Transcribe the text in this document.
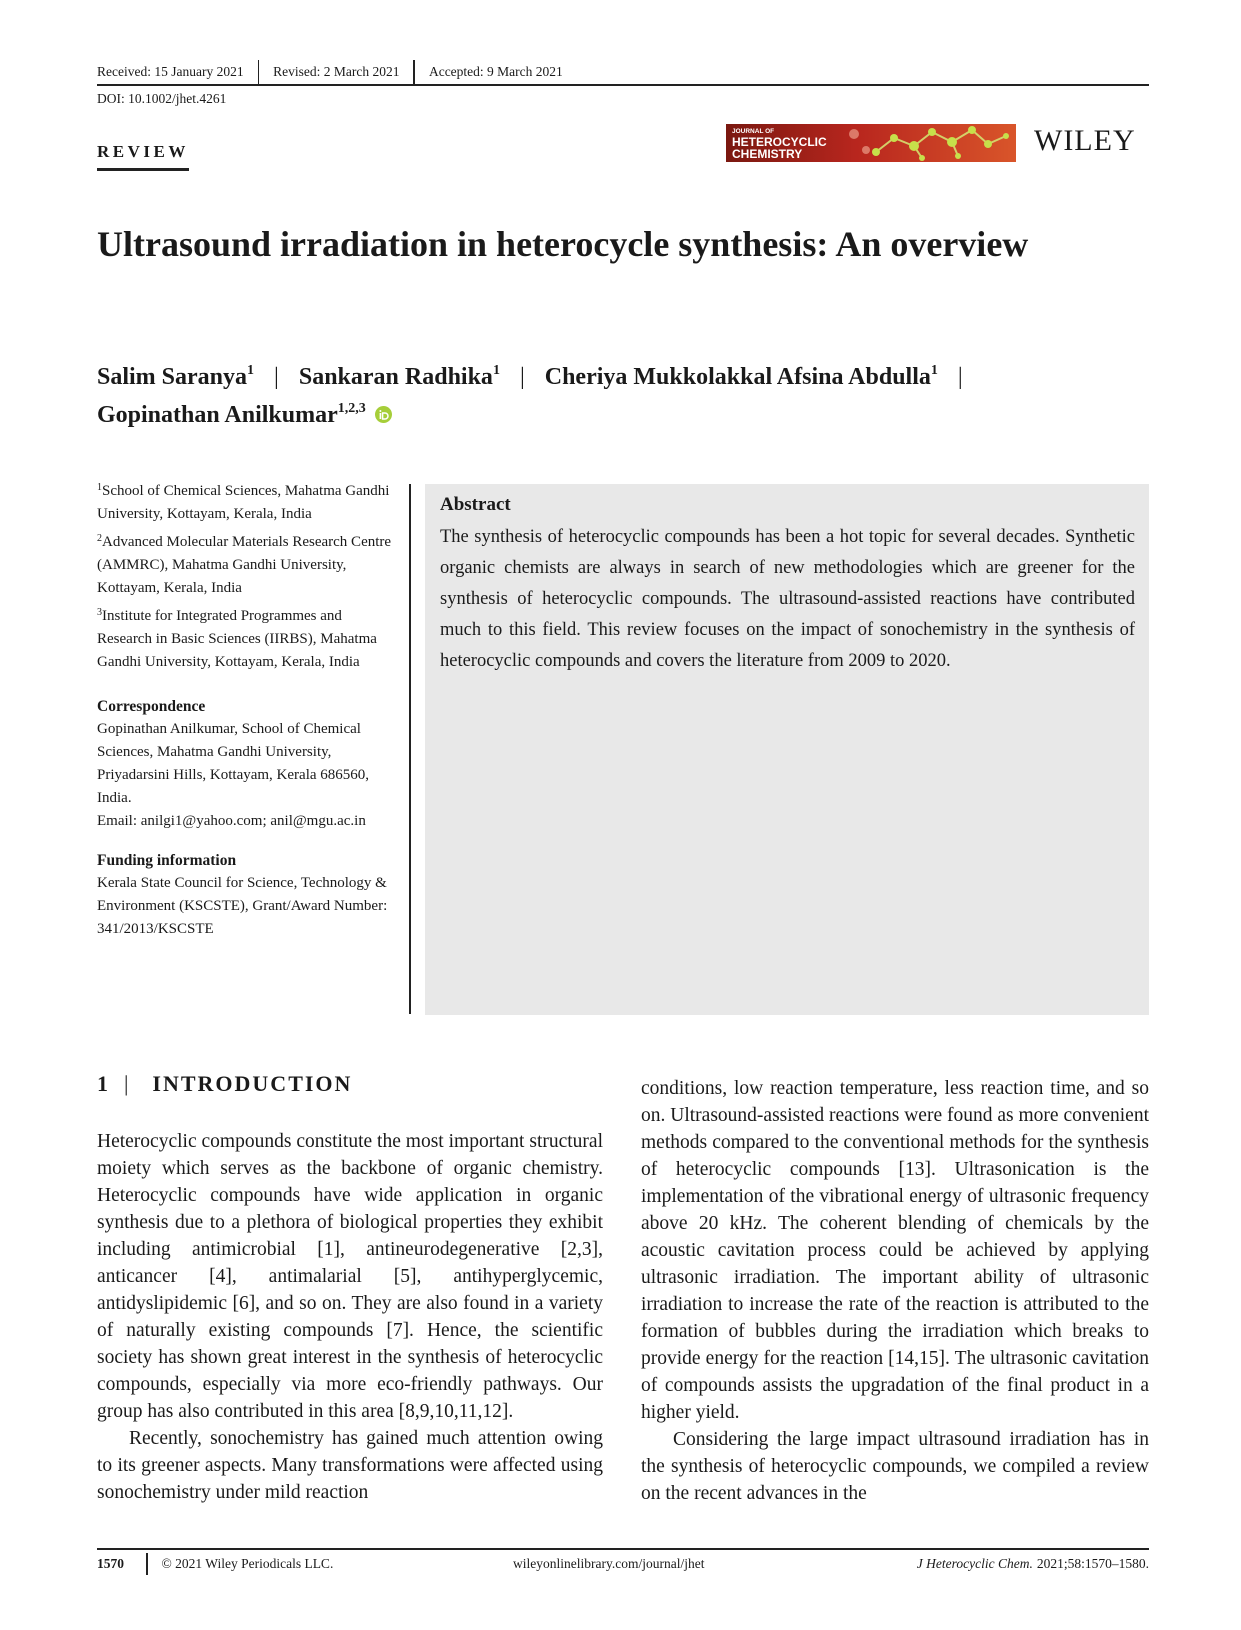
Received: 15 January 2021 Revised: 2 March 2021 Accepted: 9 March 2021
DOI: 10.1002/jhet.4261
REVIEW
JOURNAL OF
HETEROCYCLIC
CHEMISTRY	WILEY
Ultrasound irradiation in heterocycle synthesis: An overview
Salim Saranya$^1$ | Sankaran Radhika$^1$ | Cheriya Mukkolakkal Afsina Abdulla$^1$ |
Gopinathan Anilkumar$^{1,2,3}$

$^1$School of Chemical Sciences, Mahatma Gandhi University, Kottayam, Kerala, India

$^2$Advanced Molecular Materials Research Centre (AMMRC), Mahatma Gandhi University, Kottayam, Kerala, India

$^3$Institute for Integrated Programmes and Research in Basic Sciences (IIRBS), Mahatma Gandhi University, Kottayam, Kerala, India

Correspondence
Gopinathan Anilkumar, School of Chemical Sciences, Mahatma Gandhi University, Priyadarsini Hills, Kottayam, Kerala 686560, India.
Email: anilgi1@yahoo.com; anil@mgu.ac.in
Funding information
Kerala State Council for Science, Technology & Environment (KSCSTE), Grant/Award Number: 341/2013/KSCSTE
Abstract

The synthesis of heterocyclic compounds has been a hot topic for several decades. Synthetic organic chemists are always in search of new methodologies which are greener for the synthesis of heterocyclic compounds. The ultrasound-assisted reactions have contributed much to this field. This review focuses on the impact of sonochemistry in the synthesis of heterocyclic compounds and covers the literature from 2009 to 2020.

1 | INTRODUCTION

Heterocyclic compounds constitute the most important structural moiety which serves as the backbone of organic chemistry. Heterocyclic compounds have wide application in organic synthesis due to a plethora of biological properties they exhibit including antimicrobial [1], antineurodegenerative [2,3], anticancer [4], antimalarial [5], antihyperglycemic, antidyslipidemic [6], and so on. They are also found in a variety of naturally existing compounds [7]. Hence, the scientific society has shown great interest in the synthesis of heterocyclic compounds, especially via more eco-friendly pathways. Our group has also contributed in this area [8,9,10,11,12].

Recently, sonochemistry has gained much attention owing to its greener aspects. Many transformations were affected using sonochemistry under mild reaction

conditions, low reaction temperature, less reaction time, and so on. Ultrasound-assisted reactions were found as more convenient methods compared to the conventional methods for the synthesis of heterocyclic compounds [13]. Ultrasonication is the implementation of the vibrational energy of ultrasonic frequency above 20 kHz. The coherent blending of chemicals by the acoustic cavitation process could be achieved by applying ultrasonic irradiation. The important ability of ultrasonic irradiation to increase the rate of the reaction is attributed to the formation of bubbles during the irradiation which breaks to provide energy for the reaction [14,15]. The ultrasonic cavitation of compounds assists the upgradation of the final product in a higher yield.

Considering the large impact ultrasound irradiation has in the synthesis of heterocyclic compounds, we compiled a review on the recent advances in the

1570	© 2021 Wiley Periodicals LLC.	wileyonlinelibrary.com/journal/jhet	J Heterocyclic Chem. 2021;58:1570–1580.
